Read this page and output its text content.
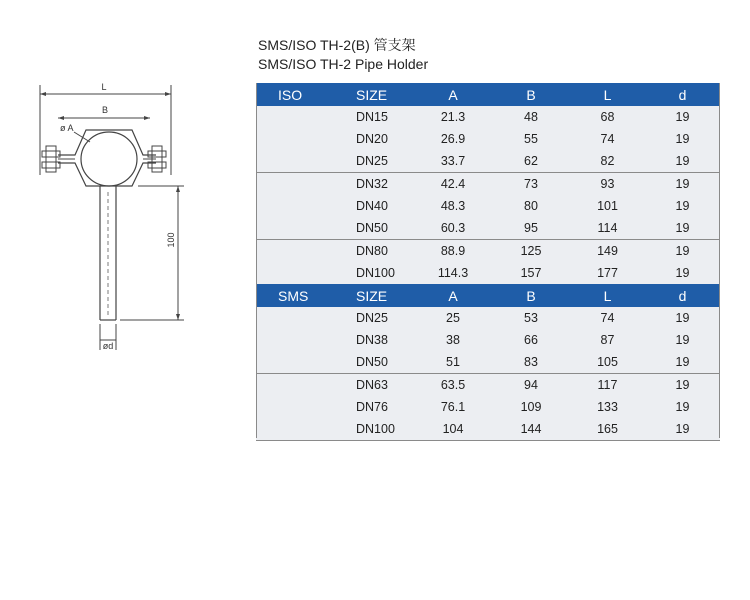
SMS/ISO TH-2(B) 管支架
SMS/ISO TH-2 Pipe Holder
L
B
ø A
100
ød
ISO	SIZE	A	B	L	d
	DN15	21.3	48	68	19
	DN20	26.9	55	74	19
	DN25	33.7	62	82	19
	DN32	42.4	73	93	19
	DN40	48.3	80	101	19
	DN50	60.3	95	114	19
	DN80	88.9	125	149	19
	DN100	114.3	157	177	19
SMS	SIZE	A	B	L	d
	DN25	25	53	74	19
	DN38	38	66	87	19
	DN50	51	83	105	19
	DN63	63.5	94	117	19
	DN76	76.1	109	133	19
	DN100	104	144	165	19
